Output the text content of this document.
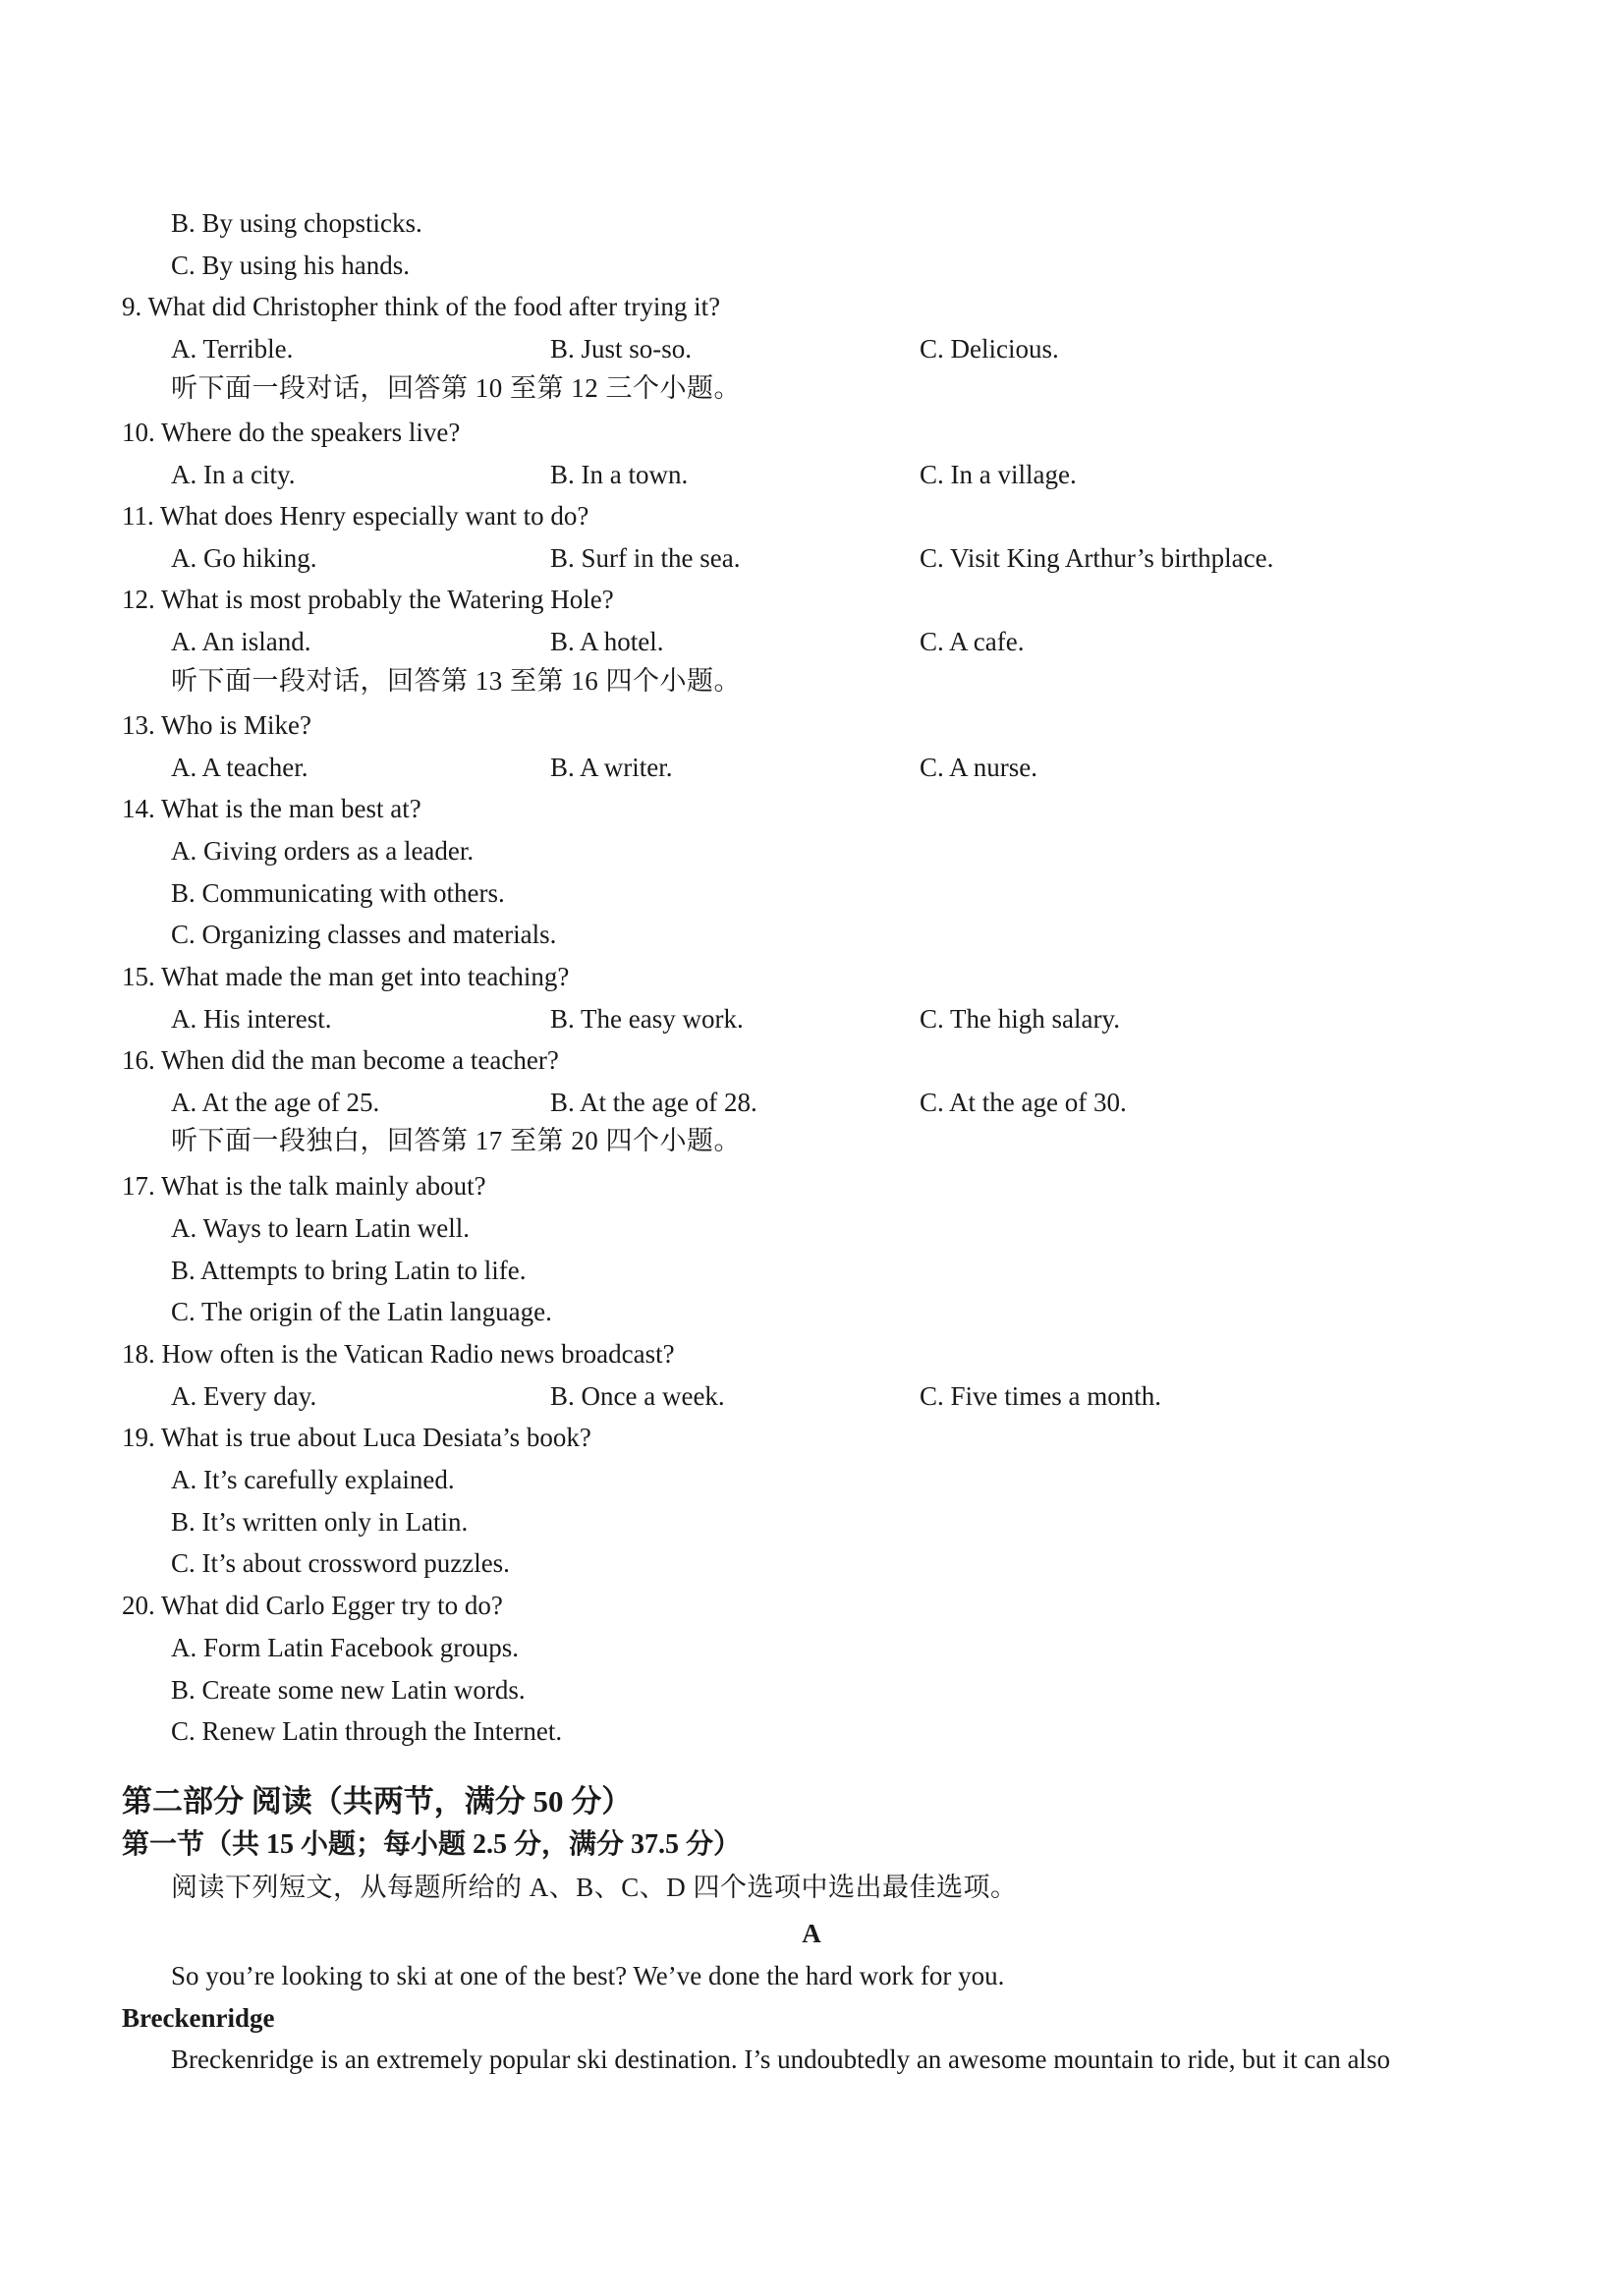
B. By using chopsticks.
C. By using his hands.
9. What did Christopher think of the food after trying it?
A. Terrible.	B. Just so-so.	C. Delicious.
听下面一段对话，回答第 10 至第 12 三个小题。
10. Where do the speakers live?
A. In a city.	B. In a town.	C. In a village.
11. What does Henry especially want to do?
A. Go hiking.	B. Surf in the sea.	C. Visit King Arthur’s birthplace.
12. What is most probably the Watering Hole?
A. An island.	B. A hotel.	C. A cafe.
听下面一段对话，回答第 13 至第 16 四个小题。
13. Who is Mike?
A. A teacher.	B. A writer.	C. A nurse.
14. What is the man best at?
A. Giving orders as a leader.
B. Communicating with others.
C. Organizing classes and materials.
15. What made the man get into teaching?
A. His interest.	B. The easy work.	C. The high salary.
16. When did the man become a teacher?
A. At the age of 25.	B. At the age of 28.	C. At the age of 30.
听下面一段独白，回答第 17 至第 20 四个小题。
17. What is the talk mainly about?
A. Ways to learn Latin well.
B. Attempts to bring Latin to life.
C. The origin of the Latin language.
18. How often is the Vatican Radio news broadcast?
A. Every day.	B. Once a week.	C. Five times a month.
19. What is true about Luca Desiata’s book?
A. It’s carefully explained.
B. It’s written only in Latin.
C. It’s about crossword puzzles.
20. What did Carlo Egger try to do?
A. Form Latin Facebook groups.
B. Create some new Latin words.
C. Renew Latin through the Internet.
第二部分 阅读（共两节，满分 50 分）
第一节（共 15 小题；每小题 2.5 分，满分 37.5 分）
阅读下列短文，从每题所给的 A、B、C、D 四个选项中选出最佳选项。
A
So you’re looking to ski at one of the best? We’ve done the hard work for you.
Breckenridge
Breckenridge is an extremely popular ski destination. I’s undoubtedly an awesome mountain to ride, but it can also
